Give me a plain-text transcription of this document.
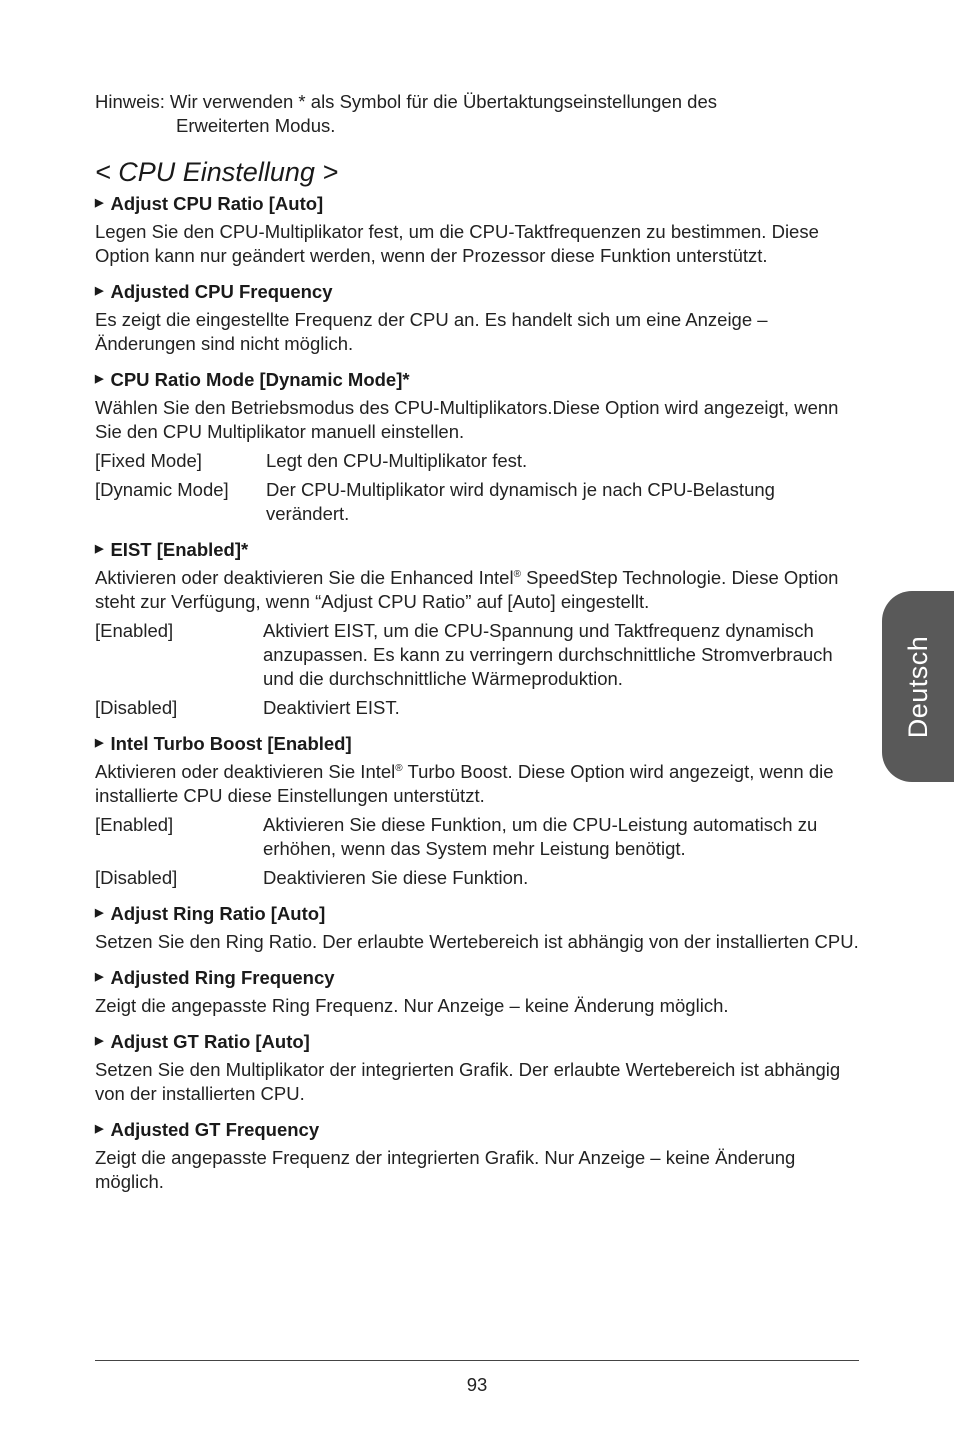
Hinweis: Wir verwenden * als Symbol für die Übertaktungseinstellungen des
Erweiterten Modus.
< CPU Einstellung >
▶ Adjust CPU Ratio [Auto]

Legen Sie den CPU-Multiplikator fest, um die CPU-Taktfrequenzen zu bestimmen. Diese Option kann nur geändert werden, wenn der Prozessor diese Funktion unterstützt.

▶ Adjusted CPU Frequency

Es zeigt die eingestellte Frequenz der CPU an. Es handelt sich um eine Anzeige – Änderungen sind nicht möglich.

▶ CPU Ratio Mode [Dynamic Mode]*

Wählen Sie den Betriebsmodus des CPU-Multiplikators.Diese Option wird angezeigt, wenn Sie den CPU Multiplikator manuell einstellen.

[Fixed Mode]	Legt den CPU-Multiplikator fest.
[Dynamic Mode]	Der CPU-Multiplikator wird dynamisch je nach CPU-Belastung verändert.
▶ EIST [Enabled]*

Aktivieren oder deaktivieren Sie die Enhanced Intel® SpeedStep Technologie. Diese Option steht zur Verfügung, wenn “Adjust CPU Ratio” auf [Auto] eingestellt.

[Enabled]	Aktiviert EIST, um die CPU-Spannung und Taktfrequenz dynamisch anzupassen. Es kann zu verringern durchschnittliche Stromverbrauch und die durchschnittliche Wärmeproduktion.
[Disabled]	Deaktiviert EIST.
▶ Intel Turbo Boost [Enabled]

Aktivieren oder deaktivieren Sie Intel® Turbo Boost. Diese Option wird angezeigt, wenn die installierte CPU diese Einstellungen unterstützt.

[Enabled]	Aktivieren Sie diese Funktion, um die CPU-Leistung automatisch zu erhöhen, wenn das System mehr Leistung benötigt.
[Disabled]	Deaktivieren Sie diese Funktion.
▶ Adjust Ring Ratio [Auto]

Setzen Sie den Ring Ratio. Der erlaubte Wertebereich ist abhängig von der installierten CPU.

▶ Adjusted Ring Frequency

Zeigt die angepasste Ring Frequenz. Nur Anzeige – keine Änderung möglich.

▶ Adjust GT Ratio [Auto]

Setzen Sie den Multiplikator der integrierten Grafik. Der erlaubte Wertebereich ist abhängig von der installierten CPU.

▶ Adjusted GT Frequency

Zeigt die angepasste Frequenz der integrierten Grafik. Nur Anzeige – keine Änderung möglich.

Deutsch
93
